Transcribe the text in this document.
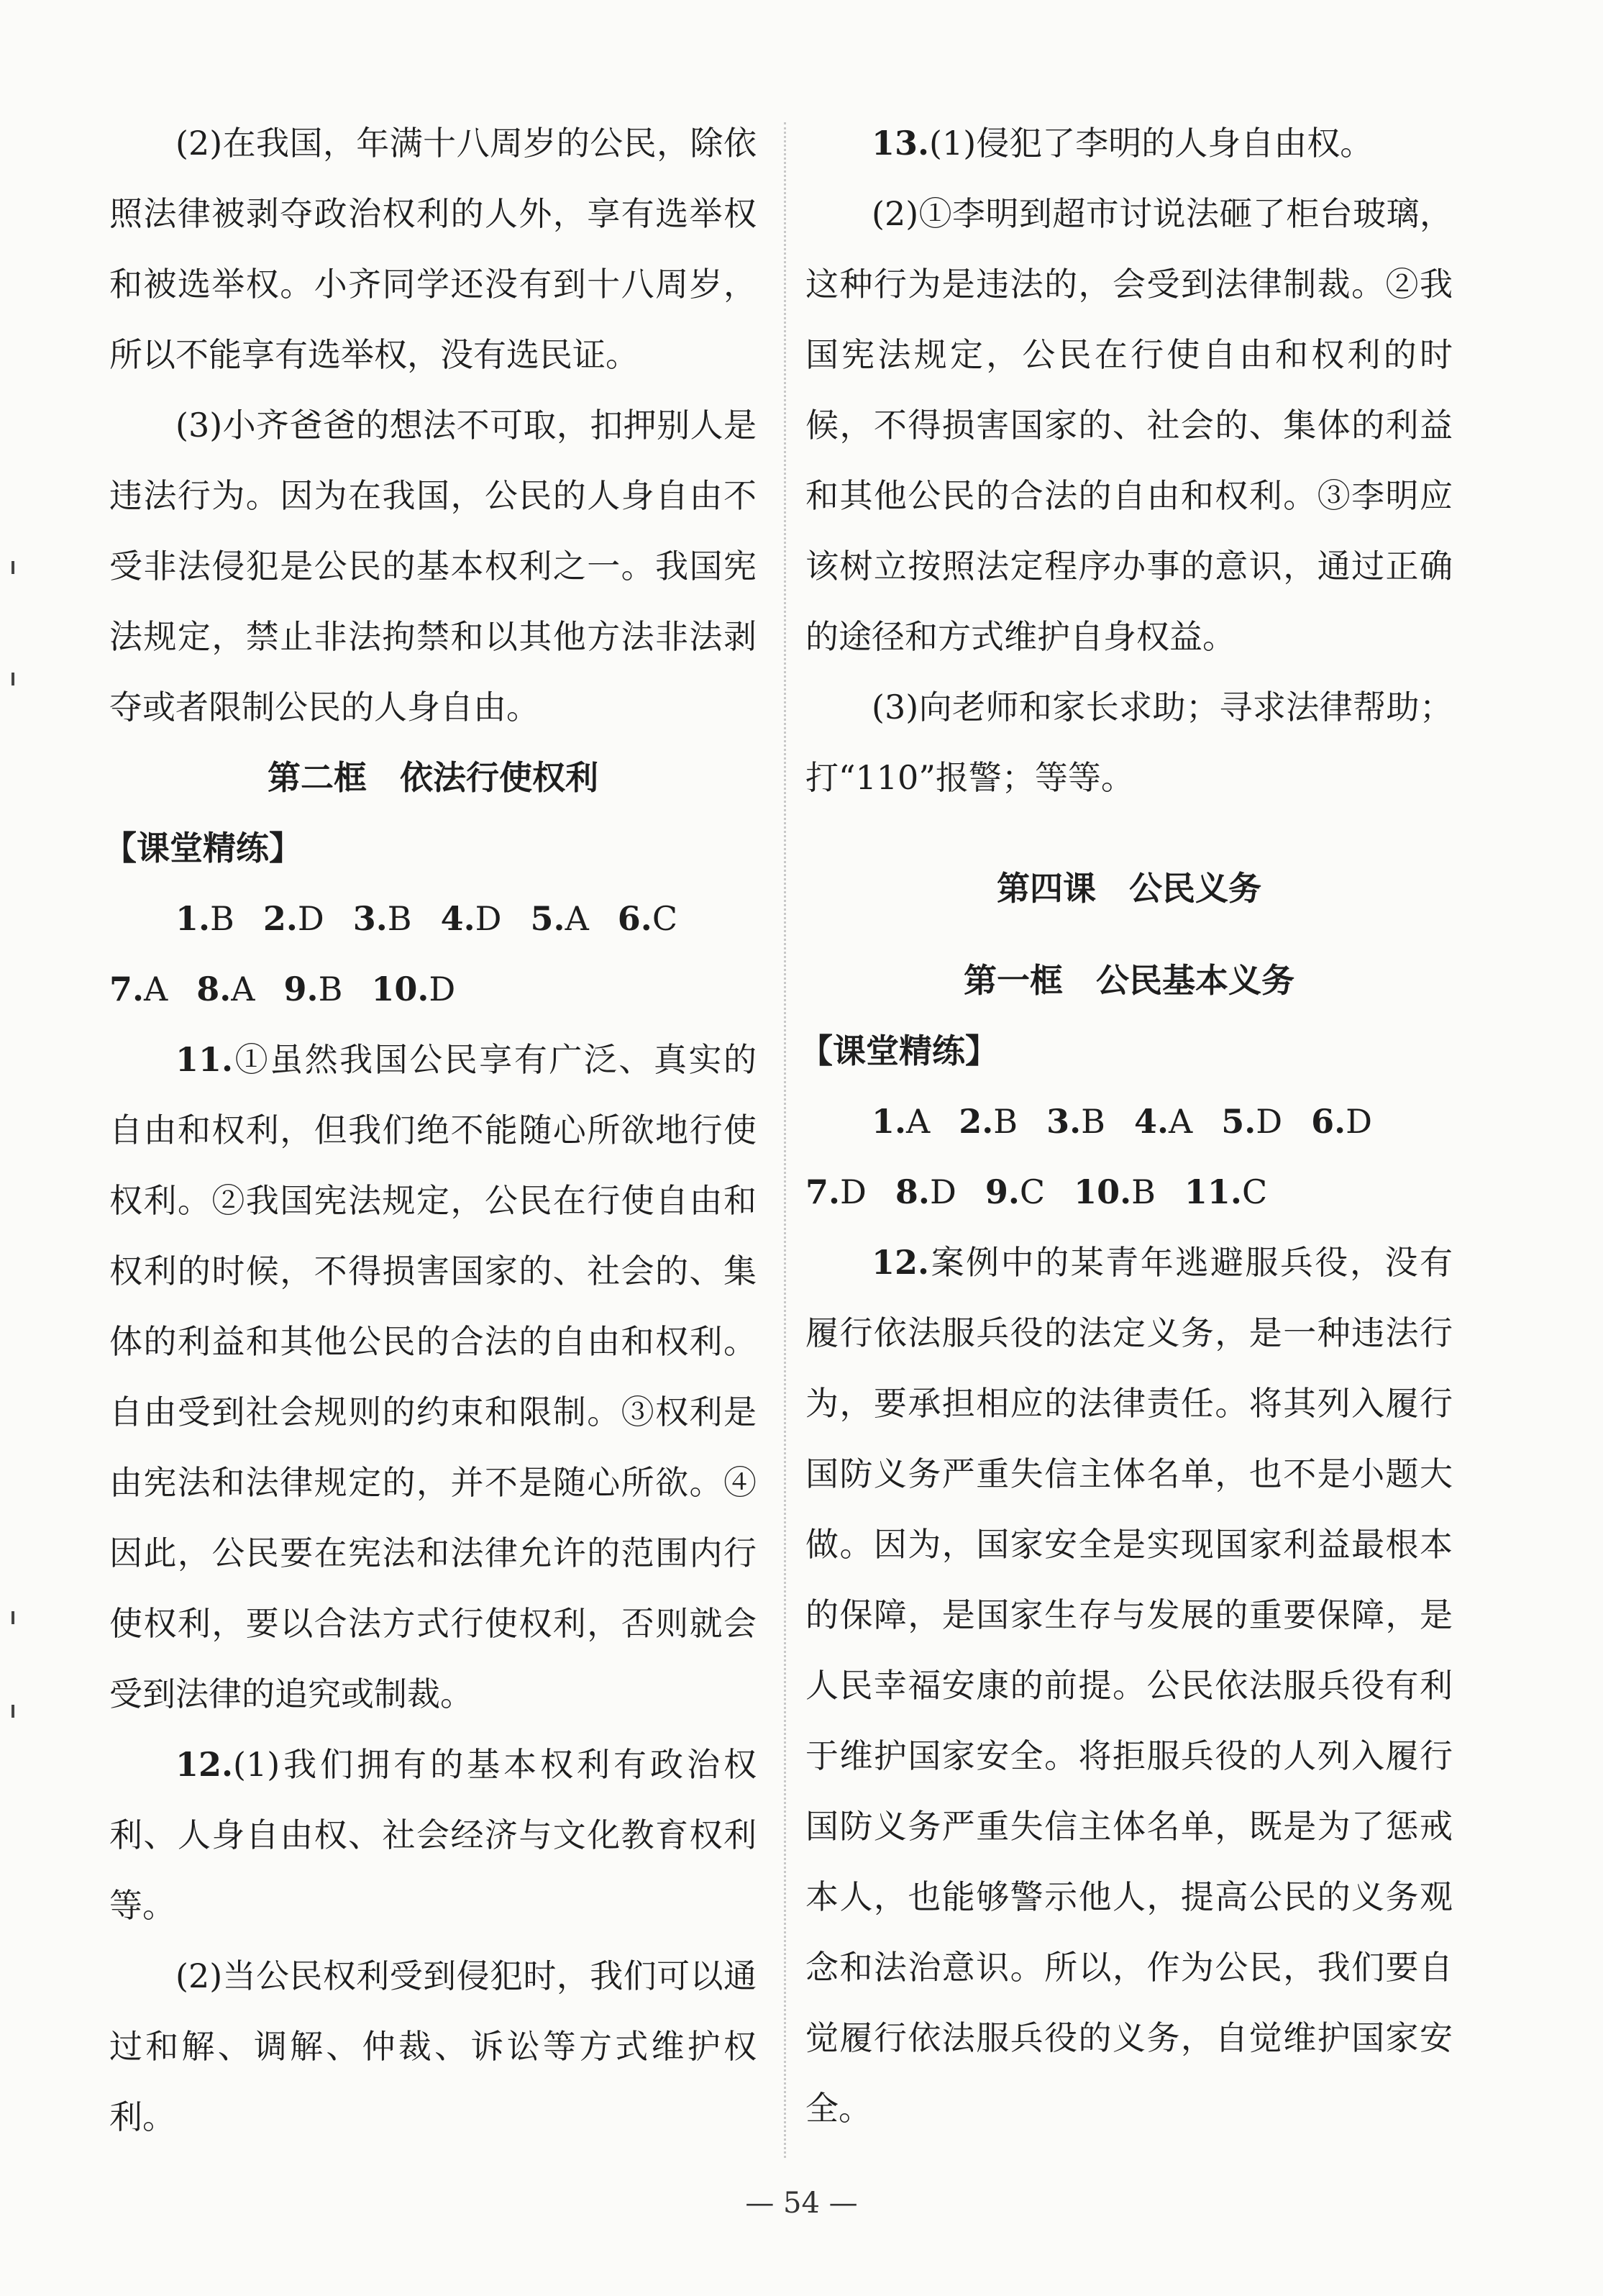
(2)在我国，年满十八周岁的公民，除依照法律被剥夺政治权利的人外，享有选举权和被选举权。小齐同学还没有到十八周岁，所以不能享有选举权，没有选民证。

(3)小齐爸爸的想法不可取，扣押别人是违法行为。因为在我国，公民的人身自由不受非法侵犯是公民的基本权利之一。我国宪法规定，禁止非法拘禁和以其他方法非法剥夺或者限制公民的人身自由。

第二框　依法行使权利
【课堂精练】
1.B 2.D 3.B 4.D 5.A 6.C
7.A 8.A 9.B 10.D

11.①虽然我国公民享有广泛、真实的自由和权利，但我们绝不能随心所欲地行使权利。②我国宪法规定，公民在行使自由和权利的时候，不得损害国家的、社会的、集体的利益和其他公民的合法的自由和权利。自由受到社会规则的约束和限制。③权利是由宪法和法律规定的，并不是随心所欲。④因此，公民要在宪法和法律允许的范围内行使权利，要以合法方式行使权利，否则就会受到法律的追究或制裁。

12.(1)我们拥有的基本权利有政治权利、人身自由权、社会经济与文化教育权利等。

(2)当公民权利受到侵犯时，我们可以通过和解、调解、仲裁、诉讼等方式维护权利。

13.(1)侵犯了李明的人身自由权。

(2)①李明到超市讨说法砸了柜台玻璃，这种行为是违法的，会受到法律制裁。②我国宪法规定，公民在行使自由和权利的时候，不得损害国家的、社会的、集体的利益和其他公民的合法的自由和权利。③李明应该树立按照法定程序办事的意识，通过正确的途径和方式维护自身权益。

(3)向老师和家长求助；寻求法律帮助；打“110”报警；等等。

第四课　公民义务
第一框　公民基本义务
【课堂精练】
1.A 2.B 3.B 4.A 5.D 6.D
7.D 8.D 9.C 10.B 11.C

12.案例中的某青年逃避服兵役，没有履行依法服兵役的法定义务，是一种违法行为，要承担相应的法律责任。将其列入履行国防义务严重失信主体名单，也不是小题大做。因为，国家安全是实现国家利益最根本的保障，是国家生存与发展的重要保障，是人民幸福安康的前提。公民依法服兵役有利于维护国家安全。将拒服兵役的人列入履行国防义务严重失信主体名单，既是为了惩戒本人，也能够警示他人，提高公民的义务观念和法治意识。所以，作为公民，我们要自觉履行依法服兵役的义务，自觉维护国家安全。

— 54 —
